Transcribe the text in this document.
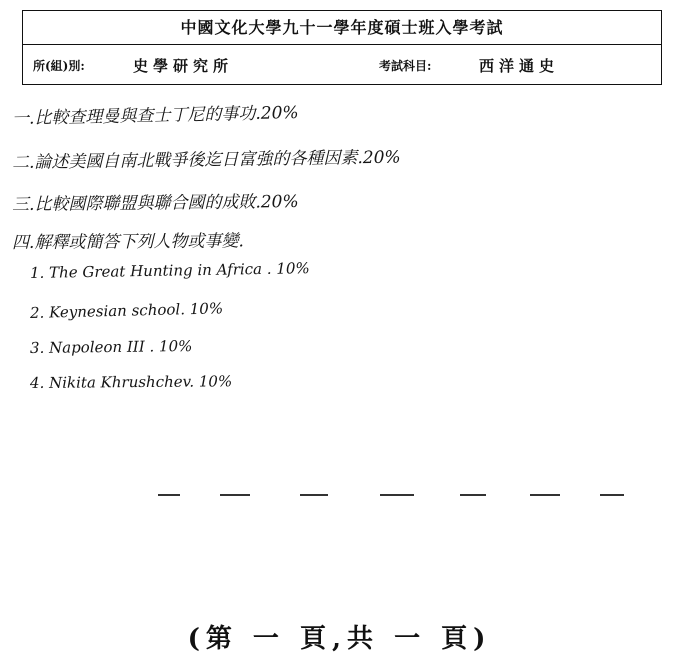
中國文化大學九十一學年度碩士班入學考試
所(組)別:	史學研究所	考試科目:	西洋通史
一.比較查理曼與查士丁尼的事功.20%
二.論述美國自南北戰爭後迄日富強的各種因素.20%
三.比較國際聯盟與聯合國的成敗.20%
四.解釋或簡答下列人物或事變.
1. The Great Hunting in Africa . 10%
2. Keynesian school. 10%
3. Napoleon III . 10%
4. Nikita Khrushchev. 10%
(第 一 頁,共 一 頁)
